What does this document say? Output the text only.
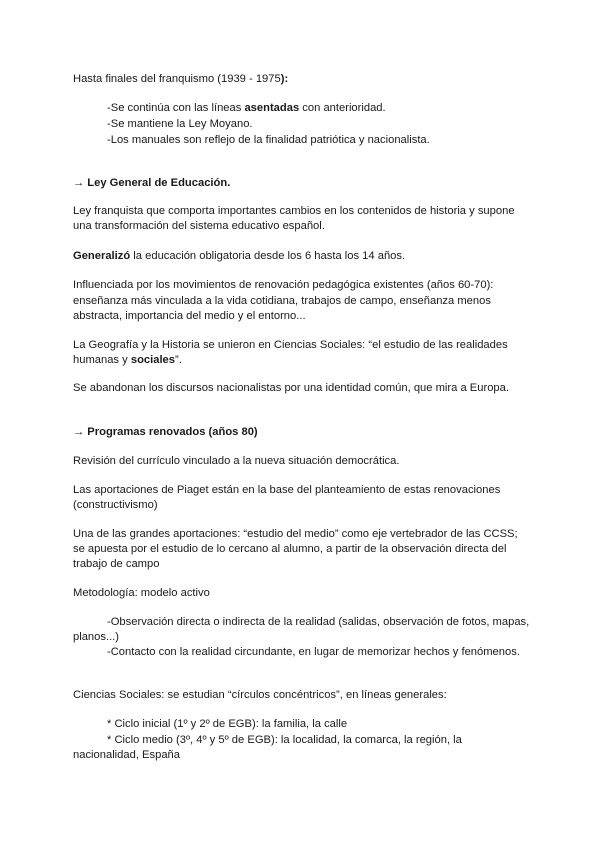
Hasta finales del franquismo (1939 - 1975):
-Se continúa con las líneas asentadas con anterioridad.
-Se mantiene la Ley Moyano.
-Los manuales son reflejo de la finalidad patriótica y nacionalista.
→ Ley General de Educación.
Ley franquista que comporta importantes cambios en los contenidos de historia y supone
una transformación del sistema educativo español.
Generalizó la educación obligatoria desde los 6 hasta los 14 años.
Influenciada por los movimientos de renovación pedagógica existentes (años 60-70):
enseñanza más vinculada a la vida cotidiana, trabajos de campo, enseñanza menos
abstracta, importancia del medio y el entorno...
La Geografía y la Historia se unieron en Ciencias Sociales: “el estudio de las realidades
humanas y sociales”.
Se abandonan los discursos nacionalistas por una identidad común, que mira a Europa.
→ Programas renovados (años 80)
Revisión del currículo vinculado a la nueva situación democrática.
Las aportaciones de Piaget están en la base del planteamiento de estas renovaciones
(constructivismo)
Una de las grandes aportaciones: “estudio del medio” como eje vertebrador de las CCSS;
se apuesta por el estudio de lo cercano al alumno, a partir de la observación directa del
trabajo de campo
Metodología: modelo activo
-Observación directa o indirecta de la realidad (salidas, observación de fotos, mapas,
planos...)
-Contacto con la realidad circundante, en lugar de memorizar hechos y fenómenos.
Ciencias Sociales: se estudian “círculos concéntricos”, en líneas generales:
* Ciclo inicial (1º y 2º de EGB): la familia, la calle
* Ciclo medio (3º, 4º y 5º de EGB): la localidad, la comarca, la región, la
nacionalidad, España
